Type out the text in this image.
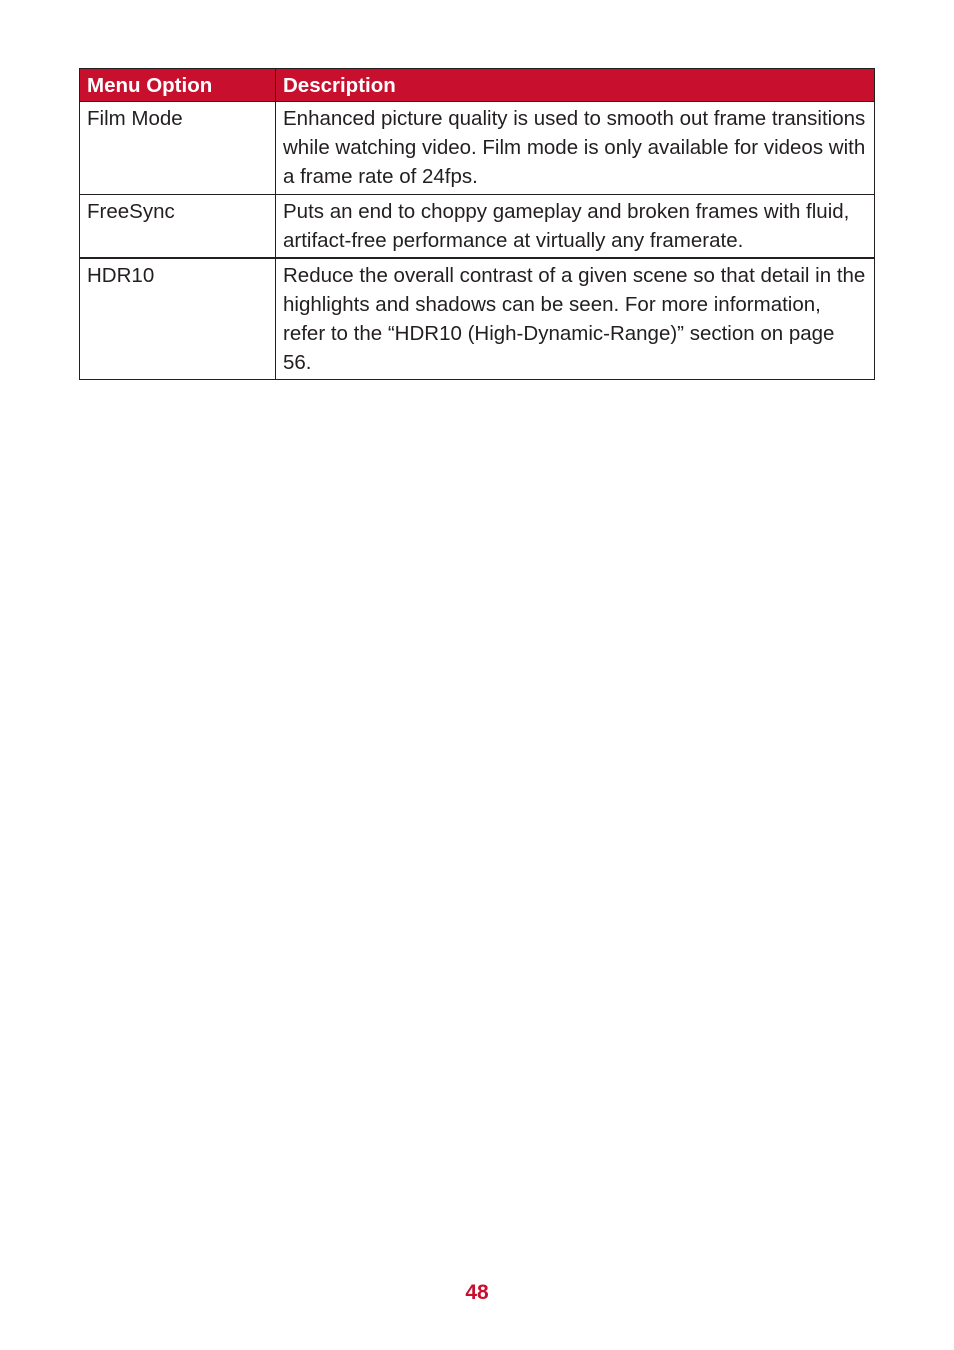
Menu Option	Description
Film Mode	Enhanced picture quality is used to smooth out frame transitions while watching video. Film mode is only available for videos with a frame rate of 24fps.
FreeSync	Puts an end to choppy gameplay and broken frames with fluid, artifact-free performance at virtually any framerate.
HDR10	Reduce the overall contrast of a given scene so that detail in the highlights and shadows can be seen. For more information, refer to the “HDR10 (High-Dynamic-Range)” section on page 56.
48
